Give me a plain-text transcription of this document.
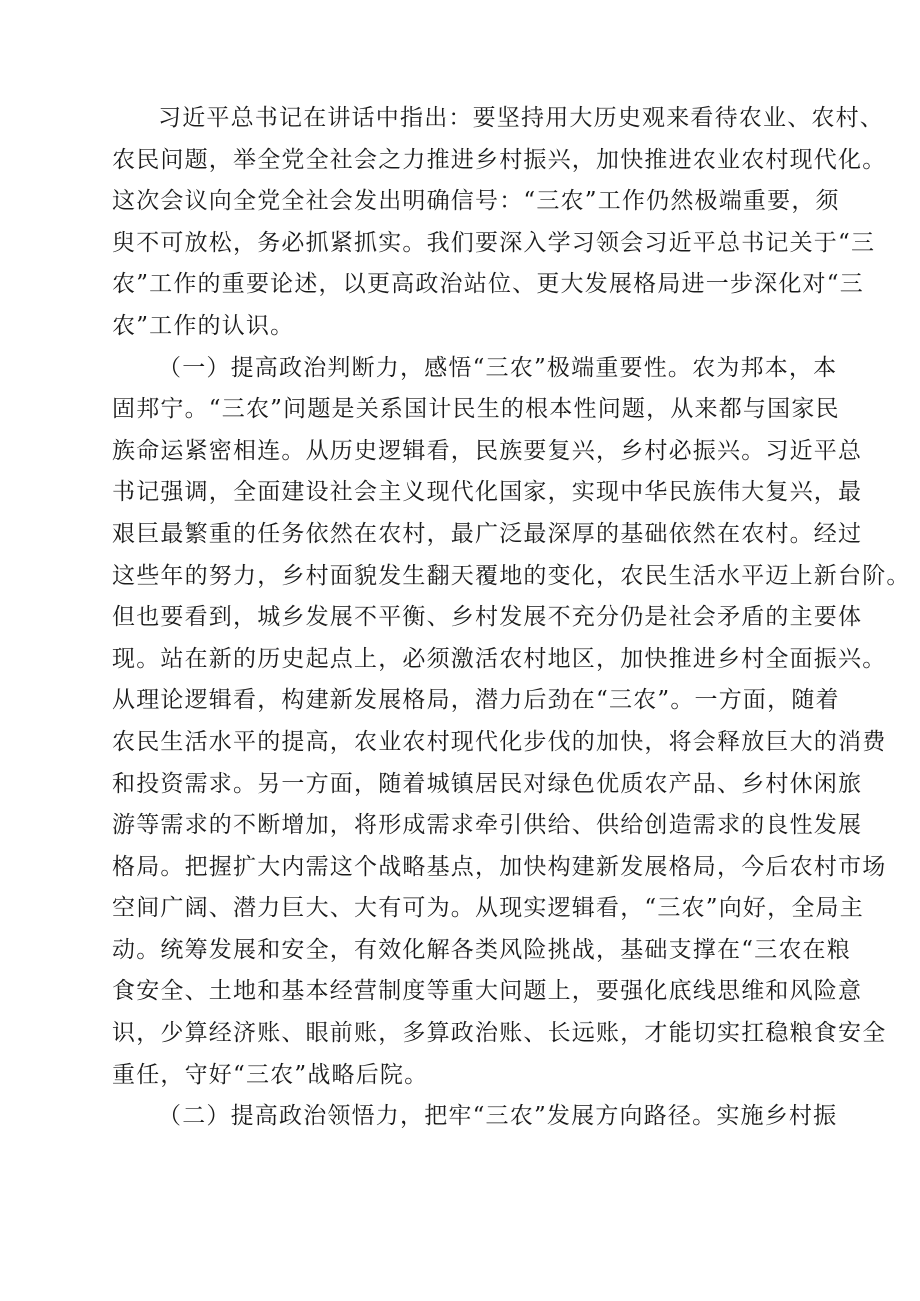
习近平总书记在讲话中指出：要坚持用大历史观来看待农业、农村、
农民问题，举全党全社会之力推进乡村振兴，加快推进农业农村现代化。
这次会议向全党全社会发出明确信号：“三农”工作仍然极端重要，须
臾不可放松，务必抓紧抓实。我们要深入学习领会习近平总书记关于“三
农”工作的重要论述，以更高政治站位、更大发展格局进一步深化对“三
农”工作的认识。
（一）提高政治判断力，感悟“三农”极端重要性。农为邦本，本
固邦宁。“三农”问题是关系国计民生的根本性问题，从来都与国家民
族命运紧密相连。从历史逻辑看，民族要复兴，乡村必振兴。习近平总
书记强调，全面建设社会主义现代化国家，实现中华民族伟大复兴，最
艰巨最繁重的任务依然在农村，最广泛最深厚的基础依然在农村。经过
这些年的努力，乡村面貌发生翻天覆地的变化，农民生活水平迈上新台阶。
但也要看到，城乡发展不平衡、乡村发展不充分仍是社会矛盾的主要体
现。站在新的历史起点上，必须激活农村地区，加快推进乡村全面振兴。
从理论逻辑看，构建新发展格局，潜力后劲在“三农”。一方面，随着
农民生活水平的提高，农业农村现代化步伐的加快，将会释放巨大的消费
和投资需求。另一方面，随着城镇居民对绿色优质农产品、乡村休闲旅
游等需求的不断增加，将形成需求牵引供给、供给创造需求的良性发展
格局。把握扩大内需这个战略基点，加快构建新发展格局，今后农村市场
空间广阔、潜力巨大、大有可为。从现实逻辑看，“三农”向好，全局主
动。统筹发展和安全，有效化解各类风险挑战，基础支撑在“三农在粮
食安全、土地和基本经营制度等重大问题上，要强化底线思维和风险意
识，少算经济账、眼前账，多算政治账、长远账，才能切实扛稳粮食安全
重任，守好“三农”战略后院。
（二）提高政治领悟力，把牢“三农”发展方向路径。实施乡村振
